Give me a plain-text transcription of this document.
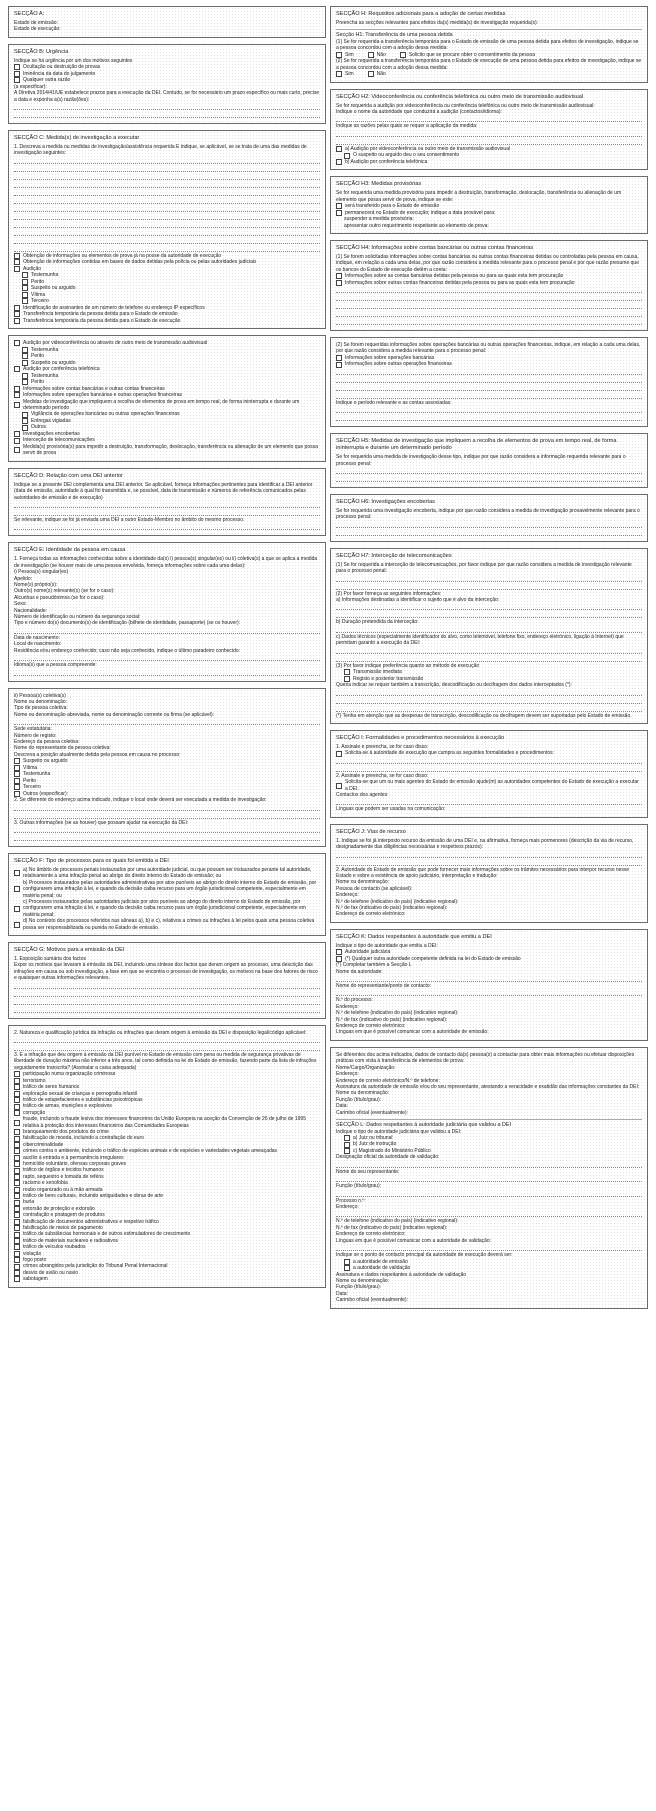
SECÇÃO A:
Estado de emissão:
Estado de execução:
SECÇÃO B: Urgência
Indique se há urgência por um dos motivos seguintes
Ocultação ou destruição de provas
Iminência da data do julgamento
Qualquer outra razão
(a especificar):
A Diretiva 2014/41/UE estabelece prazos para a execução da DEI. Contudo, se for necessário um prazo específico ou mais curto, precise a data e exponha a(s) razão(ões):
SECÇÃO C: Medida(s) de investigação a executar
1. Descreva a medida ou medidas de investigação/assistência requerida E indique, se aplicável, se se trata de uma das medidas de investigação seguintes:
Obtenção de informações ou elementos de prova já na posse da autoridade de execução
Obtenção de informações contidas em bases de dados detidas pela polícia ou pelas autoridades judiciais
Audição
Testemunha
Perito
Suspeito ou arguido
Vítima
Terceiro
Identificação de assinantes de um número de telefone ou endereço IP específicos
Transferência temporária da pessoa detida para o Estado de emissão
Transferência temporária da pessoa detida para o Estado de execução
Audição por videoconferência ou através de outro meio de transmissão audiovisual
Testemunha
Perito
Suspeito ou arguido
Audição por conferência telefónica
Testemunha
Perito
Informações sobre contas bancárias e outras contas financeiras
Informações sobre operações bancárias e outras operações financeiras
Medidas de investigação que impliquem a recolha de elementos de prova em tempo real, de forma ininterrupta e durante um determinado período
Vigilância de operações bancárias ou outras operações financeiras
Entregas vigiadas
Outros
Investigações encobertas
Interceção de telecomunicações
Medida(s) provisória(s) para impedir a destruição, transformação, deslocação, transferência ou alienação de um elemento que possa servir de prova
SECÇÃO D: Relação com uma DEI anterior
Indique se a presente DEI complementa uma DEI anterior. Se aplicável, forneça informações pertinentes para identificar a DEI anterior (data de emissão, autoridade à qual foi transmitida e, se possível, data de transmissão e números de referência comunicados pelas autoridades de emissão e de execução)
Se relevante, indique se foi já enviada uma DEI a outro Estado-Membro no âmbito do mesmo processo.
SECÇÃO E: Identidade da pessoa em causa
1. Forneça todas as informações conhecidas sobre a identidade da(s) i) pessoa(s) singular(es) ou ii) coletiva(s) a que se aplica a medida de investigação (se houver mais de uma pessoa envolvida, forneça informações sobre cada uma delas):
i) Pessoa(s) singular(es)
Apelido:
Nome(s) próprio(s):
Outro(s) nome(s) relevante(s) (se for o caso):
Alcunhas e pseudónimos (se for o caso):
Sexo:
Nacionalidade:
Número de identificação ou número da segurança social:
Tipo e número do(s) documento(s) de identificação (bilhete de identidade, passaporte) (se os houver):
Data de nascimento:
Local de nascimento:
Residência e/ou endereço conhecido; caso não seja conhecido, indique o último paradeiro conhecido:
Idioma(s) que a pessoa compreende:
ii) Pessoa(s) coletiva(s)
Nome ou denominação:
Tipo de pessoa coletiva:
Nome ou denominação abreviada, nome ou denominação corrente ou firma (se aplicável):
Sede estatutária:
Número de registo:
Endereço da pessoa coletiva:
Nome do representante da pessoa coletiva:
Descreva a posição atualmente detida pela pessoa em causa no processo:
Suspeito ou arguido
Vítima
Testemunha
Perito
Terceiro
Outros (especificar):
2. Se diferente do endereço acima indicado, indique o local onde deverá ser executada a medida de investigação:
3. Outras informações (se as houver) que possam ajudar na execução da DEI:
SECÇÃO F: Tipo de processos para os quais foi emitida a DEI
a) No âmbito de processos penais instaurados por uma autoridade judicial, ou que possam ser instaurados perante tal autoridade, relativamente a uma infração penal ao abrigo do direito interno do Estado de emissão; ou
b) Processos instaurados pelas autoridades administrativas por atos puníveis ao abrigo do direito interno do Estado de emissão, por configurarem uma infração à lei, e quando da decisão caiba recurso para um órgão jurisdicional competente, especialmente em matéria penal; ou
c) Processos instaurados pelas autoridades judiciais por atos puníveis ao abrigo do direito interno do Estado de emissão, por configurarem uma infração à lei, e quando da decisão caiba recurso para um órgão jurisdicional competente, especialmente em matéria penal;
d) No contexto dos processos referidos nas alíneas a), b) e c), relativos a crimes ou infrações à lei pelos quais uma pessoa coletiva possa ser responsabilizada ou punida no Estado de emissão.
SECÇÃO G: Motivos para a emissão da DEI
1. Exposição sumária dos factos
Expor os motivos que levaram à emissão da DEI, incluindo uma síntese dos factos que deram origem ao processo, uma descrição das infrações em causa ou sob investigação, a fase em que se encontra o processo de investigação, os motivos na base dos fatores de risco e quaisquer outras informações relevantes.
2. Natureza e qualificação jurídica da infração ou infrações que deram origem à emissão da DEI e disposição legal/código aplicável:
3. É a infração que deu origem à emissão da DEI punível no Estado de emissão com pena ou medida de segurança privativas de liberdade de duração máxima não inferior a três anos, tal como definida na lei do Estado de emissão, fazendo parte da lista de infrações seguidamente transcrita? (Assinalar a caixa adequada)
participação numa organização criminosa
terrorismo
tráfico de seres humanos
exploração sexual de crianças e pornografia infantil
tráfico de estupefacientes e substâncias psicotrópicas
tráfico de armas, munições e explosivos
corrupção
fraude, incluindo a fraude lesiva dos interesses financeiros da União Europeia na aceção da Convenção de 26 de julho de 1995 relativa à proteção dos interesses financeiros das Comunidades Europeias
branqueamento dos produtos do crime
falsificação de moeda, incluindo a contrafação do euro
cibercriminalidade
crimes contra o ambiente, incluindo o tráfico de espécies animais e de espécies e variedades vegetais ameaçadas
auxílio à entrada e à permanência irregulares
homicídio voluntário, ofensas corporais graves
tráfico de órgãos e tecidos humanos
rapto, sequestro e tomada de reféns
racismo e xenofobia
roubo organizado ou à mão armada
tráfico de bens culturais, incluindo antiguidades e obras de arte
burla
extorsão de proteção e extorsão
contrafação e piratagem de produtos
falsificação de documentos administrativos e respetivo tráfico
falsificação de meios de pagamento
tráfico de substâncias hormonais e de outros estimuladores de crescimento
tráfico de materiais nucleares e radioativos
tráfico de veículos roubados
violação
fogo posto
crimes abrangidos pela jurisdição do Tribunal Penal Internacional
desvio de avião ou navio
sabotagem
SECÇÃO H: Requisitos adicionais para a adoção de certas medidas
Preencha as secções relevantes para efeitos da(s) medida(s) de investigação requerida(s):
Secção H1: Transferência de uma pessoa detida
(1) Se for requerida a transferência temporária para o Estado de emissão de uma pessoa detida para efeitos de investigação, indique se a pessoa concordou com a adoção dessa medida:
Sim	Não	Solicito que se procure obter o consentimento da pessoa
(2) Se for requerida a transferência temporária para o Estado de execução de uma pessoa detida para efeitos de investigação, indique se a pessoa concordou com a adoção dessa medida:
Sim	Não
SECÇÃO H2: Videoconferência ou conferência telefónica ou outro meio de transmissão audiovisual
Se for requerida a audição por videoconferência ou conferência telefónica ou outro meio de transmissão audiovisual:
Indique o nome da autoridade que conduzirá a audição (contactos/idioma):
Indique as razões pelas quais se requer a aplicação da medida:
a) Audição por videoconferência ou outro meio de transmissão audiovisual
O suspeito ou arguido deu o seu consentimento
b) Audição por conferência telefónica
SECÇÃO H3: Medidas provisórias
Se for requerida uma medida provisória para impedir a destruição, transformação, deslocação, transferência ou alienação de um elemento que possa servir de prova, indique se este:
será transferido para o Estado de emissão
permanecerá no Estado de execução; indique a data provável para:
suspender a medida provisória:
apresentar outro requerimento respeitante ao elemento de prova:
SECÇÃO H4: Informações sobre contas bancárias ou outras contas financeiras
(1) Se forem solicitadas informações sobre contas bancárias ou outras contas financeiras detidas ou controladas pela pessoa em causa, indique, em relação a cada uma delas, por que razão considera a medida relevante para o processo penal e por que razão presume que os bancos do Estado de execução detêm a conta:
Informações sobre as contas bancárias detidas pela pessoa ou para as quais esta tem procuração
Informações sobre outras contas financeiras detidas pela pessoa ou para as quais esta tem procuração
(2) Se forem requeridas informações sobre operações bancárias ou outras operações financeiras, indique, em relação a cada uma delas, por que razão considera a medida relevante para o processo penal:
Informações sobre operações bancárias
Informações sobre outras operações financeiras
Indique o período relevante e as contas associadas:
SECÇÃO H5: Medidas de investigação que impliquem a recolha de elementos de prova em tempo real, de forma ininterrupta e durante um determinado período
Se for requerida uma medida de investigação desse tipo, indique por que razão considera a informação requerida relevante para o processo penal:
SECÇÃO H6: Investigações encobertas
Se for requerida uma investigação encoberta, indique por que razão considera a medida de investigação provavelmente relevante para o processo penal:
SECÇÃO H7: Interceção de telecomunicações
(1) Se for requerida a interceção de telecomunicações, por favor indique por que razão considera a medida de investigação relevante para o processo penal:
(2) Por favor forneça as seguintes informações:
a) Informações destinadas a identificar o sujeito que é alvo da interceção:
b) Duração pretendida da interceção:
c) Dados técnicos (especialmente identificador do alvo, como telemóvel, telefone fixo, endereço eletrónico, ligação à Internet) que permitam garantir a execução da DEI:
(3) Por favor indique preferência quanto ao método de execução
Transmissão imediata
Registo e posterior transmissão
Queira indicar se requer também a transcrição, descodificação ou decifragem dos dados interceptados (*):
(*) Tenha em atenção que as despesas de transcrição, descodificação ou decifragem devem ser suportadas pelo Estado de emissão.
SECÇÃO I: Formalidades e procedimentos necessários à execução
1. Assinale e preencha, se for caso disso:
Solicita-se à autoridade de execução que cumpra as seguintes formalidades e procedimentos:
2. Assinale e preencha, se for caso disso:
Solicita-se que um ou mais agentes do Estado de emissão ajude(m) as autoridades competentes do Estado de execução a executar a DEI.
Contactos dos agentes:
Línguas que podem ser usadas na comunicação:
SECÇÃO J: Vias de recurso
1. Indique se foi já interposto recurso da emissão de uma DEI e, na afirmativa, forneça mais pormenores (descrição da via de recurso, designadamente das diligências necessárias e respetivos prazos):
2. Autoridade do Estado de emissão que pode fornecer mais informações sobre os trâmites necessários para interpor recurso nesse Estado e sobre a existência de apoio judiciário, interpretação e tradução:
Nome ou denominação:
Pessoa de contacto (se aplicável):
Endereço:
N.º de telefone (indicativo do país) (indicativo regional):
N.º de fax (indicativo do país) (indicativo regional):
Endereço de correio eletrónico:
SECÇÃO K: Dados respeitantes à autoridade que emitiu a DEI
Indique o tipo de autoridade que emitiu a DEI:
Autoridade judiciária
(*) Qualquer outra autoridade competente definida na lei do Estado de emissão
(*) Completar também a Secção L
Nome da autoridade:
Nome do representante/ponto de contacto:
N.º do processo:
Endereço:
N.º de telefone (indicativo do país) (indicativo regional):
N.º de fax (indicativo do país) (indicativo regional):
Endereço de correio eletrónico:
Línguas em que é possível comunicar com a autoridade de emissão:
Se diferentes dos acima indicados, dados de contacto da(s) pessoa(s) a contactar para obter mais informações ou efetuar disposições práticas com vista à transferência de elementos de prova:
Nome/Cargo/Organização:
Endereço:
Endereço de correio eletrónico/N.º de telefone:
Assinatura da autoridade de emissão e/ou do seu representante, atestando a veracidade e exatidão das informações constantes da DEI:
Nome ou denominação:
Função (título/grau):
Data:
Carimbo oficial (eventualmente):
SECÇÃO L: Dados respeitantes à autoridade judiciária que validou a DEI
Indique o tipo de autoridade judiciária que validou a DEI:
a) Juiz ou tribunal
b) Juiz de instrução
c) Magistrado do Ministério Público
Designação oficial da autoridade de validação:
Nome do seu representante:
Função (título/grau):
Processo n.º:
Endereço:
N.º de telefone (indicativo do país) (indicativo regional):
N.º de fax (indicativo do país) (indicativo regional):
Endereço de correio eletrónico:
Línguas em que é possível comunicar com a autoridade de validação:
Indique se o ponto de contacto principal da autoridade de execução deverá ser:
a autoridade de emissão
a autoridade de validação
Assinatura e dados respeitantes à autoridade de validação
Nome ou denominação:
Função (título/grau):
Data:
Carimbo oficial (eventualmente):
